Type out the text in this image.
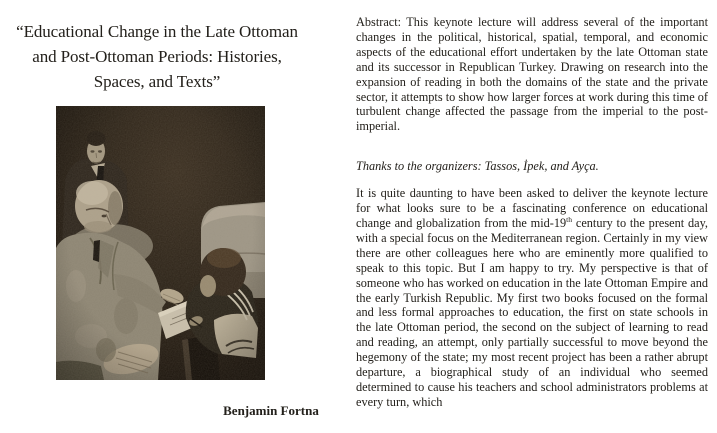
“Educational Change in the Late Ottoman
and Post-Ottoman Periods: Histories,
Spaces, and Texts”
Benjamin Fortna

Abstract: This keynote lecture will address several of the important changes in the political, historical, spatial, temporal, and economic aspects of the educational effort undertaken by the late Ottoman state and its successor in Republican Turkey. Drawing on research into the expansion of reading in both the domains of the state and the private sector, it attempts to show how larger forces at work during this time of turbulent change affected the passage from the imperial to the post-imperial.

Thanks to the organizers: Tassos, İpek, and Ayça.

It is quite daunting to have been asked to deliver the keynote lecture for what looks sure to be a fascinating conference on educational change and globalization from the mid-19th century to the present day, with a special focus on the Mediterranean region. Certainly in my view there are other colleagues here who are eminently more qualified to speak to this topic. But I am happy to try. My perspective is that of someone who has worked on education in the late Ottoman Empire and the early Turkish Republic. My first two books focused on the formal and less formal approaches to education, the first on state schools in the late Ottoman period, the second on the subject of learning to read and reading, an attempt, only partially successful to move beyond the hegemony of the state; my most recent project has been a rather abrupt departure, a biographical study of an individual who seemed determined to cause his teachers and school administrators problems at every turn, which
